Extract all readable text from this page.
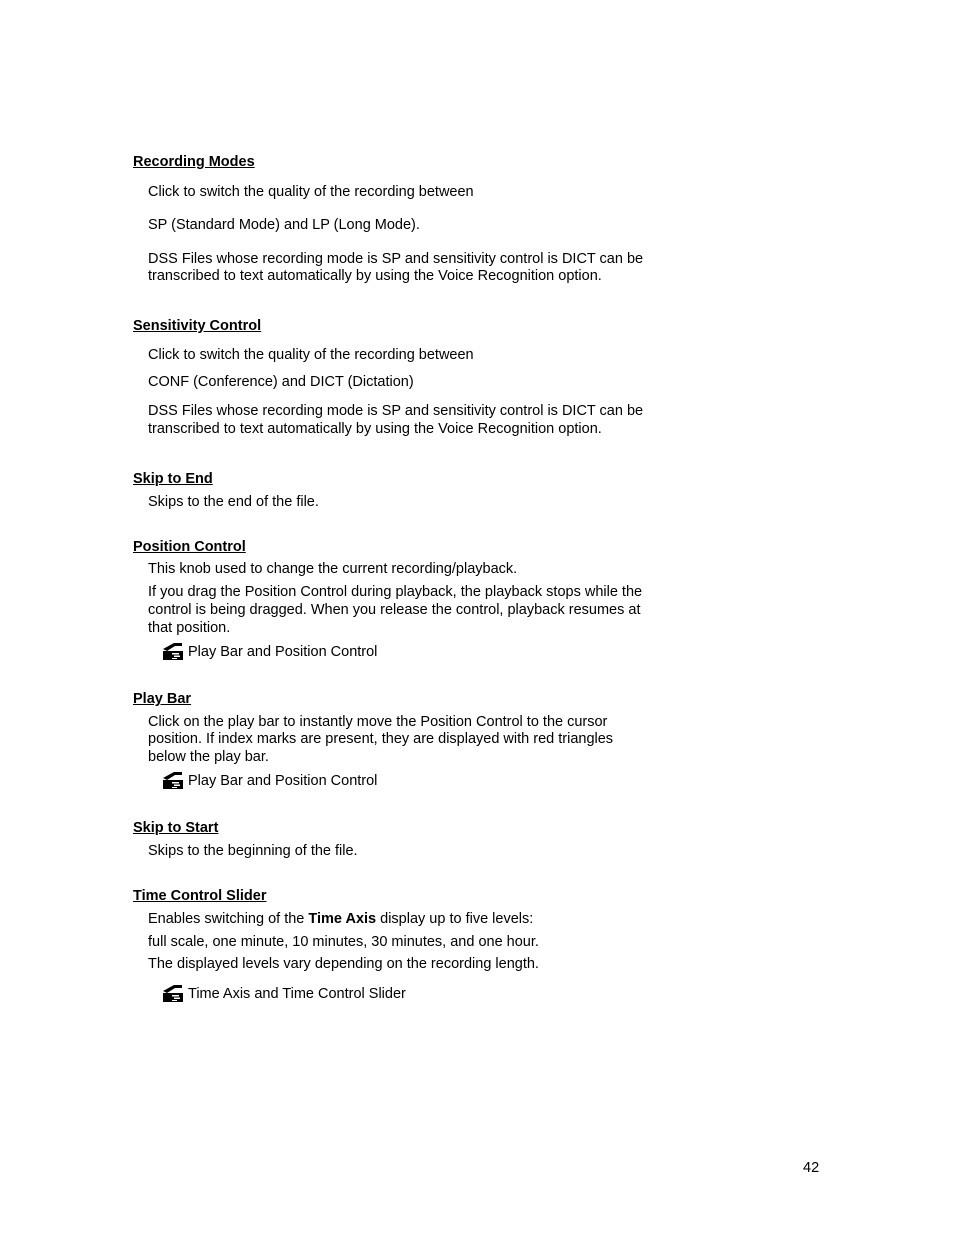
Recording Modes
Click to switch the quality of the recording between
SP (Standard Mode) and LP (Long Mode).
DSS Files whose recording mode is SP and sensitivity control is DICT can be
transcribed to text automatically by using the Voice Recognition option.
Sensitivity Control
Click to switch the quality of the recording between
CONF (Conference) and DICT (Dictation)
DSS Files whose recording mode is SP and sensitivity control is DICT can be
transcribed to text automatically by using the Voice Recognition option.
Skip to End
Skips to the end of the file.
Position Control
This knob used to change the current recording/playback.
If you drag the Position Control during playback, the playback stops while the
control is being dragged. When you release the control, playback resumes at
that position.
Play Bar and Position Control
Play Bar
Click on the play bar to instantly move the Position Control to the cursor
position. If index marks are present, they are displayed with red triangles
below the play bar.
Play Bar and Position Control
Skip to Start
Skips to the beginning of the file.
Time Control Slider
Enables switching of the Time Axis display up to five levels:
full scale, one minute, 10 minutes, 30 minutes, and one hour.
The displayed levels vary depending on the recording length.
Time Axis and Time Control Slider
42
